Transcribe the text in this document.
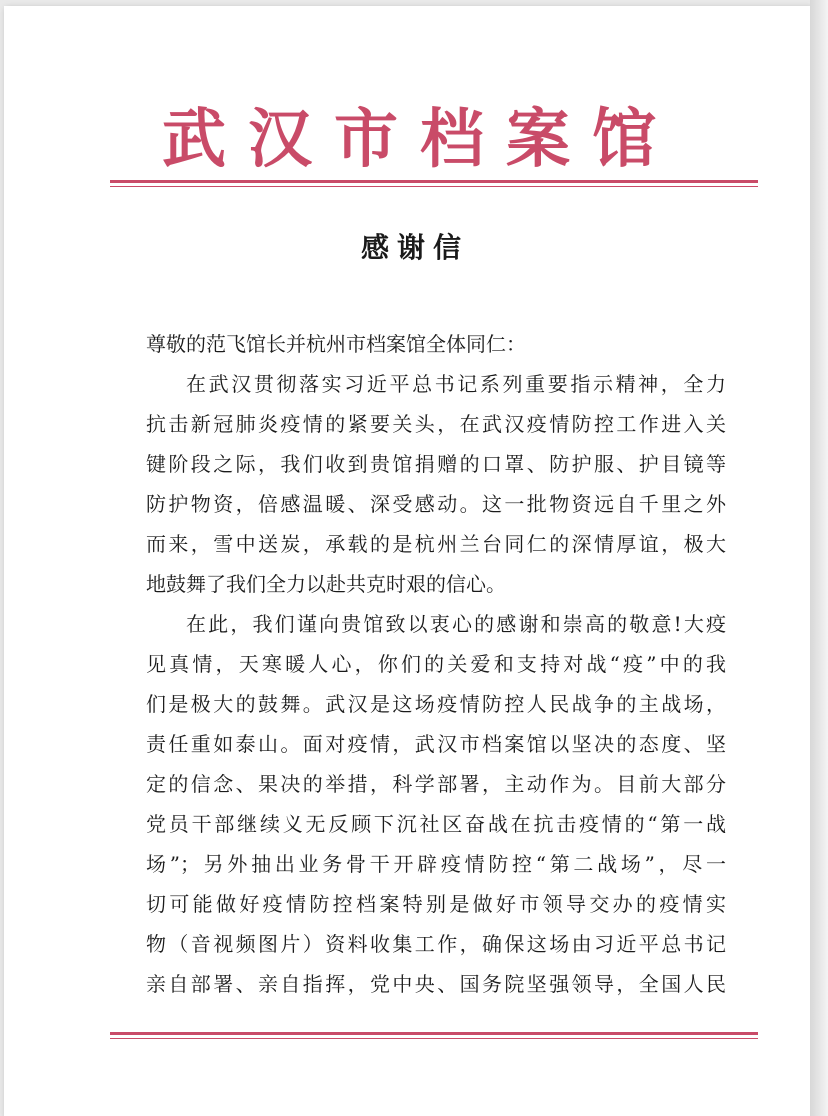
武汉市档案馆
感谢信
尊敬的范飞馆长并杭州市档案馆全体同仁：
在武汉贯彻落实习近平总书记系列重要指示精神，全力
抗击新冠肺炎疫情的紧要关头，在武汉疫情防控工作进入关
键阶段之际，我们收到贵馆捐赠的口罩、防护服、护目镜等
防护物资，倍感温暖、深受感动。这一批物资远自千里之外
而来，雪中送炭，承载的是杭州兰台同仁的深情厚谊，极大
地鼓舞了我们全力以赴共克时艰的信心。
在此，我们谨向贵馆致以衷心的感谢和崇高的敬意!大疫
见真情，天寒暖人心，你们的关爱和支持对战“疫”中的我
们是极大的鼓舞。武汉是这场疫情防控人民战争的主战场，
责任重如泰山。面对疫情，武汉市档案馆以坚决的态度、坚
定的信念、果决的举措，科学部署，主动作为。目前大部分
党员干部继续义无反顾下沉社区奋战在抗击疫情的“第一战
场”；另外抽出业务骨干开辟疫情防控“第二战场”，尽一
切可能做好疫情防控档案特别是做好市领导交办的疫情实
物（音视频图片）资料收集工作，确保这场由习近平总书记
亲自部署、亲自指挥，党中央、国务院坚强领导，全国人民
